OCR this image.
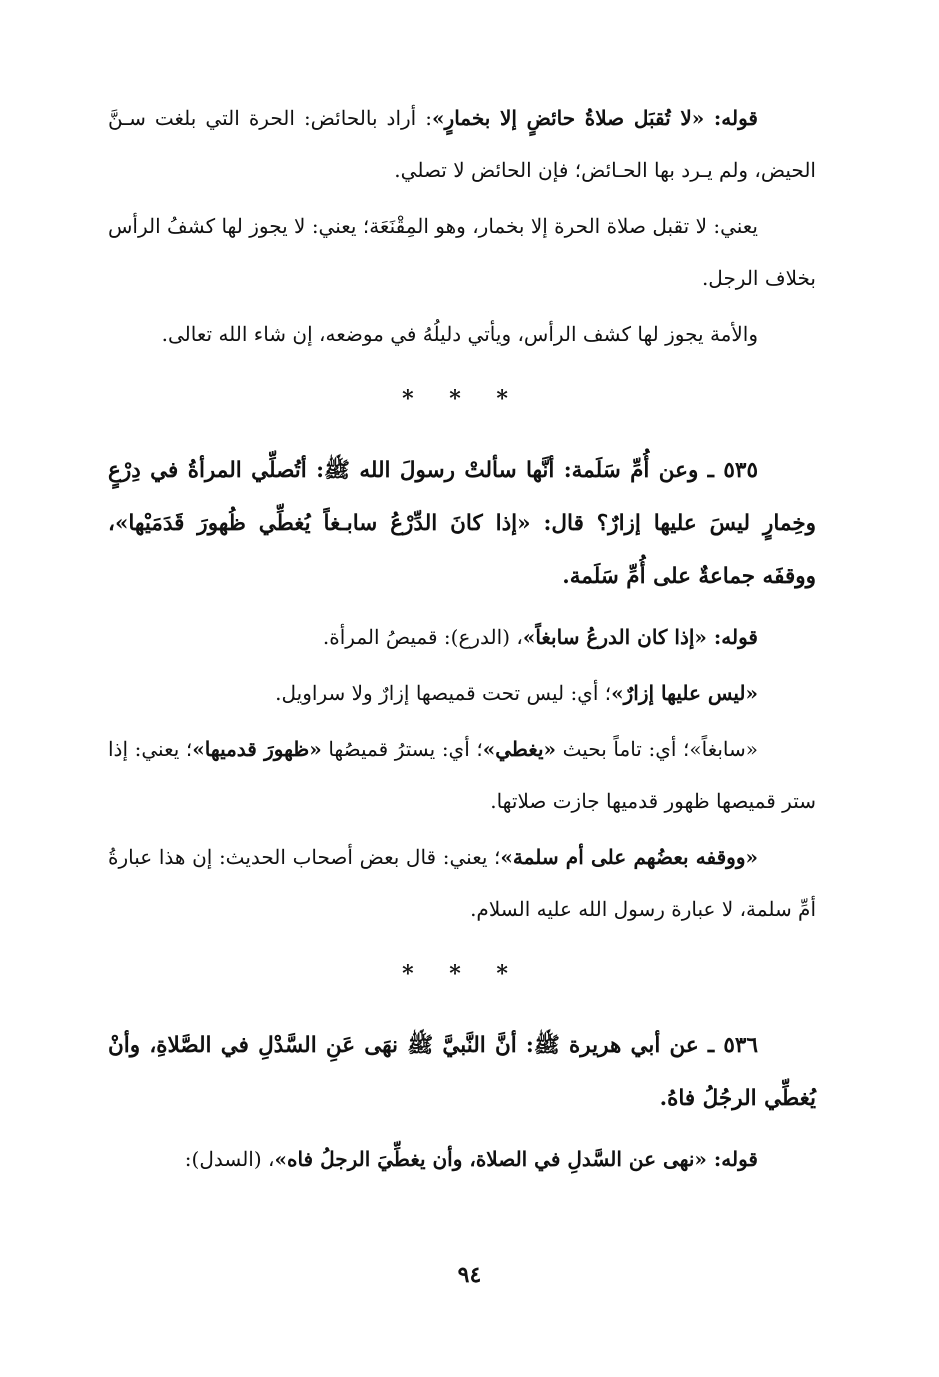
قوله: «لا تُقبَل صلاةُ حائضٍ إلا بخمارٍ»: أراد بالحائض: الحرة التي بلغت سـنَّ الحيض، ولم يـرد بها الحـائض؛ فإن الحائض لا تصلي.

يعني: لا تقبل صلاة الحرة إلا بخمار، وهو المِقْنَعَة؛ يعني: لا يجوز لها كشفُ الرأس بخلاف الرجل.

والأمة يجوز لها كشف الرأس، ويأتي دليلُهُ في موضعه، إن شاء الله تعالى.

* * *

٥٣٥ ـ وعن أُمِّ سَلَمة: أنَّها سألتْ رسولَ الله ﷺ: أتُصلِّي المرأةُ في دِرْعٍ وخِمارٍ ليسَ عليها إزارٌ؟ قال: «إذا كانَ الدِّرْعُ سابـغاً يُغطِّي ظُهورَ قَدَمَيْها»، ووقفَه جماعةٌ على أُمِّ سَلَمة.

قوله: «إذا كان الدرعُ سابغاً»، (الدرع): قميصُ المرأة.

«ليس عليها إزارٌ»؛ أي: ليس تحت قميصها إزارٌ ولا سراويل.

«سابغاً»؛ أي: تاماً بحيث «يغطي»؛ أي: يسترُ قميصُها «ظهورَ قدميها»؛ يعني: إذا ستر قميصها ظهور قدميها جازت صلاتها.

«ووقفه بعضُهم على أم سلمة»؛ يعني: قال بعض أصحاب الحديث: إن هذا عبارةُ أمِّ سلمة، لا عبارة رسول الله عليه السلام.

* * *

٥٣٦ ـ عن أبي هريرة ﷺ: أنَّ النَّبيَّ ﷺ نهَى عَنِ السَّدْلِ في الصَّلاةِ، وأنْ يُغطِّي الرجُلُ فاهُ.

قوله: «نهى عن السَّدلِ في الصلاة، وأن يغطِّيَ الرجلُ فاه»، (السدل):

٩٤
